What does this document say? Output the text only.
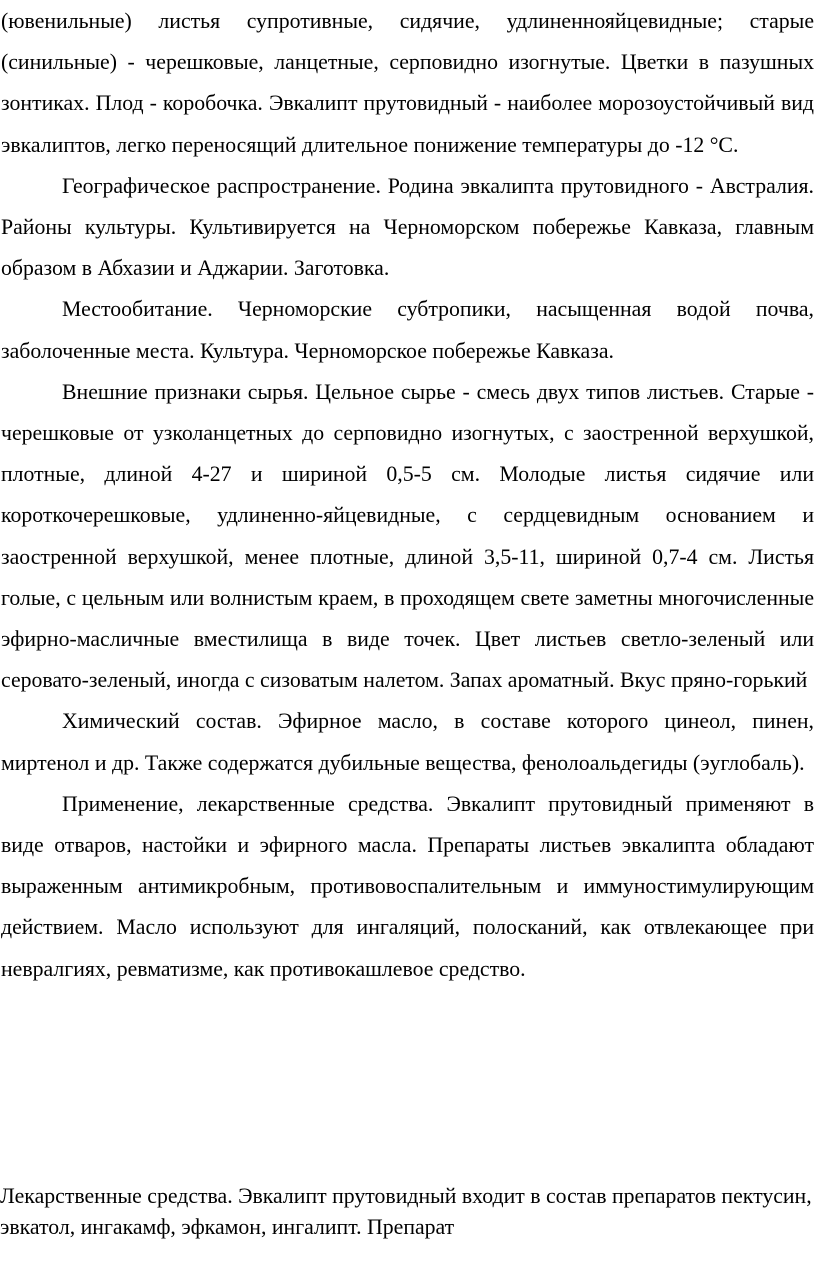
(ювенильные) листья супротивные, сидячие, удлиненнояйцевидные; старые (синильные) - черешковые, ланцетные, серповидно изогнутые. Цветки в пазушных зонтиках. Плод - коробочка. Эвкалипт прутовидный - наиболее морозоустойчивый вид эвкалиптов, легко переносящий длительное понижение температуры до -12 °С.

Географическое распространение. Родина эвкалипта прутовидного - Австралия. Районы культуры. Культивируется на Черноморском побережье Кавказа, главным образом в Абхазии и Аджарии. Заготовка.

Местообитание. Черноморские субтропики, насыщенная водой почва, заболоченные места. Культура. Черноморское побережье Кавказа.

Внешние признаки сырья. Цельное сырье - смесь двух типов листьев. Старые - черешковые от узколанцетных до серповидно изогнутых, с заостренной верхушкой, плотные, длиной 4-27 и шириной 0,5-5 см. Молодые листья сидячие или короткочерешковые, удлиненно-яйцевидные, с сердцевидным основанием и заостренной верхушкой, менее плотные, длиной 3,5-11, шириной 0,7-4 см. Листья голые, с цельным или волнистым краем, в проходящем свете заметны многочисленные эфирно-масличные вместилища в виде точек. Цвет листьев светло-зеленый или серовато-зеленый, иногда с сизоватым налетом. Запах ароматный. Вкус пряно-горький

Химический состав. Эфирное масло, в составе которого цинеол, пинен, миртенол и др. Также содержатся дубильные вещества, фенолоальдегиды (эуглобаль).

Применение, лекарственные средства. Эвкалипт прутовидный применяют в виде отваров, настойки и эфирного масла. Препараты листьев эвкалипта обладают выраженным антимикробным, противовоспалительным и иммуностимулирующим действием. Масло используют для ингаляций, полосканий, как отвлекающее при невралгиях, ревматизме, как противокашлевое средство.

Лекарственные средства. Эвкалипт прутовидный входит в состав препаратов пектусин, эвкатол, ингакамф, эфкамон, ингалипт. Препарат
